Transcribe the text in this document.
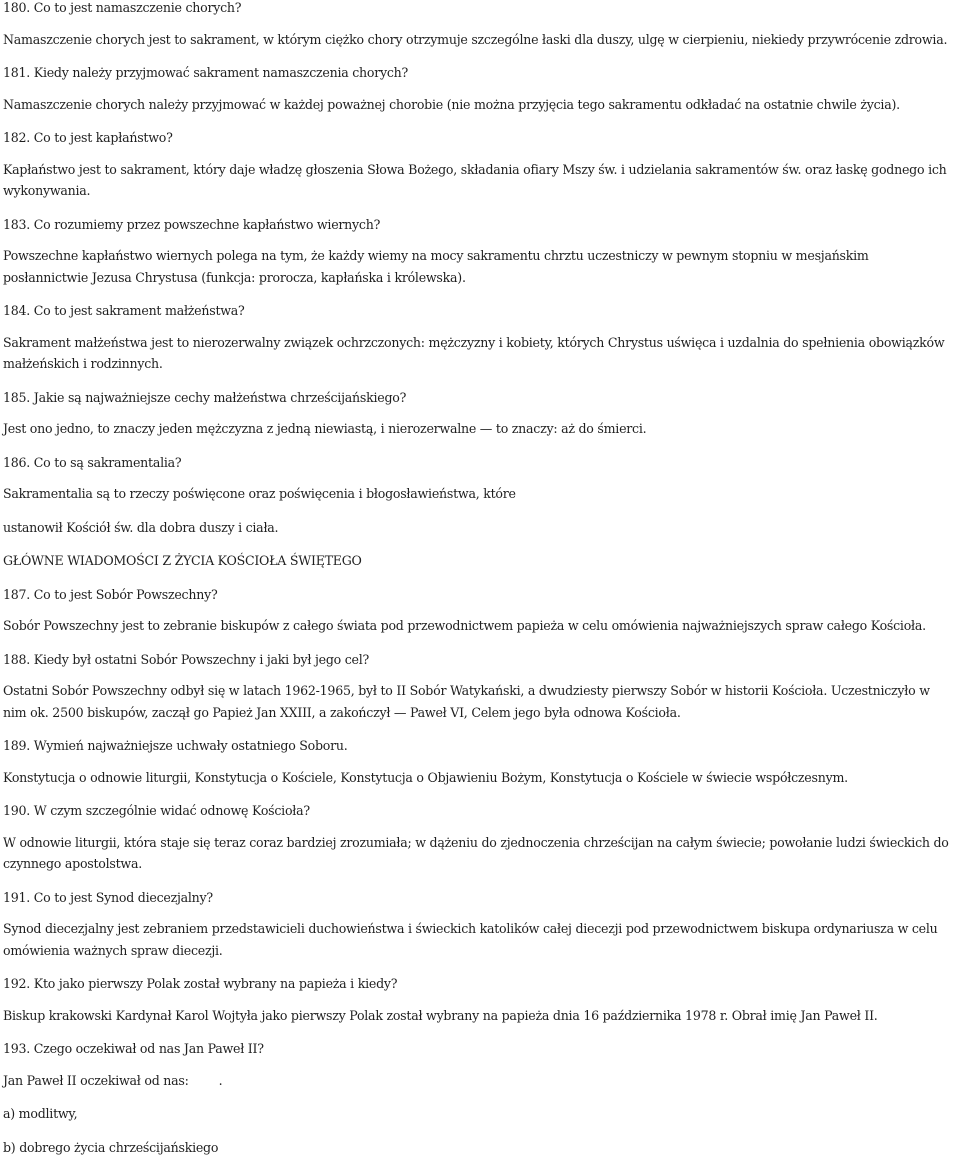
180. Co to jest namaszczenie chorych?
Namaszczenie chorych jest to sakrament, w którym ciężko chory otrzymuje szczególne łaski dla duszy, ulgę w cierpieniu, niekiedy przywrócenie zdrowia.
181. Kiedy należy przyjmować sakrament namaszczenia chorych?
Namaszczenie chorych należy przyjmować w każdej poważnej chorobie (nie można przyjęcia tego sakramentu odkładać na ostatnie chwile życia).
182. Co to jest kapłaństwo?
Kapłaństwo jest to sakrament, który daje władzę głoszenia Słowa Bożego, składania ofiary Mszy św. i udzielania sakramentów św. oraz łaskę godnego ich wykonywania.
183. Co rozumiemy przez powszechne kapłaństwo wiernych?
Powszechne kapłaństwo wiernych polega na tym, że każdy wiemy na mocy sakramentu chrztu uczestniczy w pewnym stopniu w mesjańskim posłannictwie Jezusa Chrystusa (funkcja: prorocza, kapłańska i królewska).
184. Co to jest sakrament małżeństwa?
Sakrament małżeństwa jest to nierozerwalny związek ochrzczonych: mężczyzny i kobiety, których Chrystus uświęca i uzdalnia do spełnienia obowiązków małżeńskich i rodzinnych.
185. Jakie są najważniejsze cechy małżeństwa chrześcijańskiego?
Jest ono jedno, to znaczy jeden mężczyzna z jedną niewiastą, i nierozerwalne — to znaczy: aż do śmierci.
186. Co to są sakramentalia?
Sakramentalia są to rzeczy poświęcone oraz poświęcenia i błogosławieństwa, które
ustanowił Kościół św. dla dobra duszy i ciała.
GŁÓWNE WIADOMOŚCI Z ŻYCIA KOŚCIOŁA ŚWIĘTEGO
187. Co to jest Sobór Powszechny?
Sobór Powszechny jest to zebranie biskupów z całego świata pod przewodnictwem papieża w celu omówienia najważniejszych spraw całego Kościoła.
188. Kiedy był ostatni Sobór Powszechny i jaki był jego cel?
Ostatni Sobór Powszechny odbył się w latach 1962-1965, był to II Sobór Watykański, a dwudziesty pierwszy Sobór w historii Kościoła. Uczestniczyło w nim ok. 2500 biskupów, zaczął go Papież Jan XXIII, a zakończył — Paweł VI, Celem jego była odnowa Kościoła.
189. Wymień najważniejsze uchwały ostatniego Soboru.
Konstytucja o odnowie liturgii, Konstytucja o Kościele, Konstytucja o Objawieniu Bożym, Konstytucja o Kościele w świecie współczesnym.
190. W czym szczególnie widać odnowę Kościoła?
W odnowie liturgii, która staje się teraz coraz bardziej zrozumiała; w dążeniu do zjednoczenia chrześcijan na całym świecie; powołanie ludzi świeckich do czynnego apostolstwa.
191. Co to jest Synod diecezjalny?
Synod diecezjalny jest zebraniem przedstawicieli duchowieństwa i świeckich katolików całej diecezji pod przewodnictwem biskupa ordynariusza w celu omówienia ważnych spraw diecezji.
192. Kto jako pierwszy Polak został wybrany na papieża i kiedy?
Biskup krakowski Kardynał Karol Wojtyła jako pierwszy Polak został wybrany na papieża dnia 16 października 1978 r. Obrał imię Jan Paweł II.
193. Czego oczekiwał od nas Jan Paweł II?
Jan Paweł II oczekiwał od nas:        .
a) modlitwy,
b) dobrego życia chrześcijańskiego
